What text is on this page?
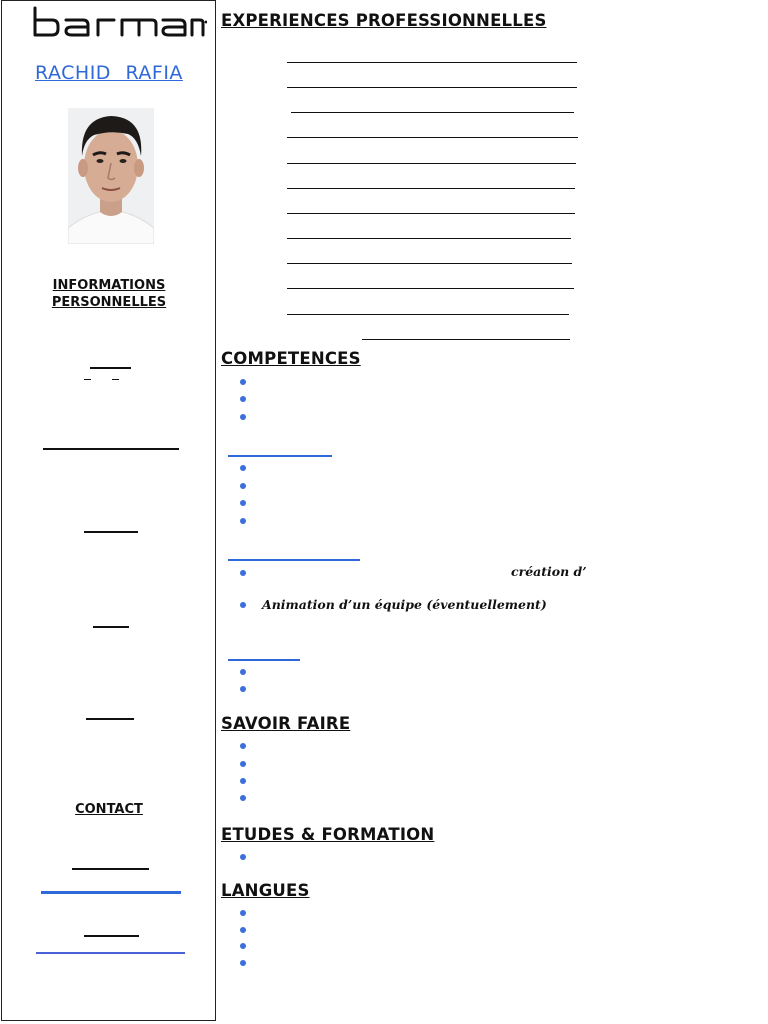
RACHID RAFIA
INFORMATIONS PERSONNELLES
CONTACT
EXPERIENCES PROFESSIONNELLES
COMPETENCES
création d’
Animation d’un équipe (éventuellement)
SAVOIR FAIRE
ETUDES & FORMATION
LANGUES
